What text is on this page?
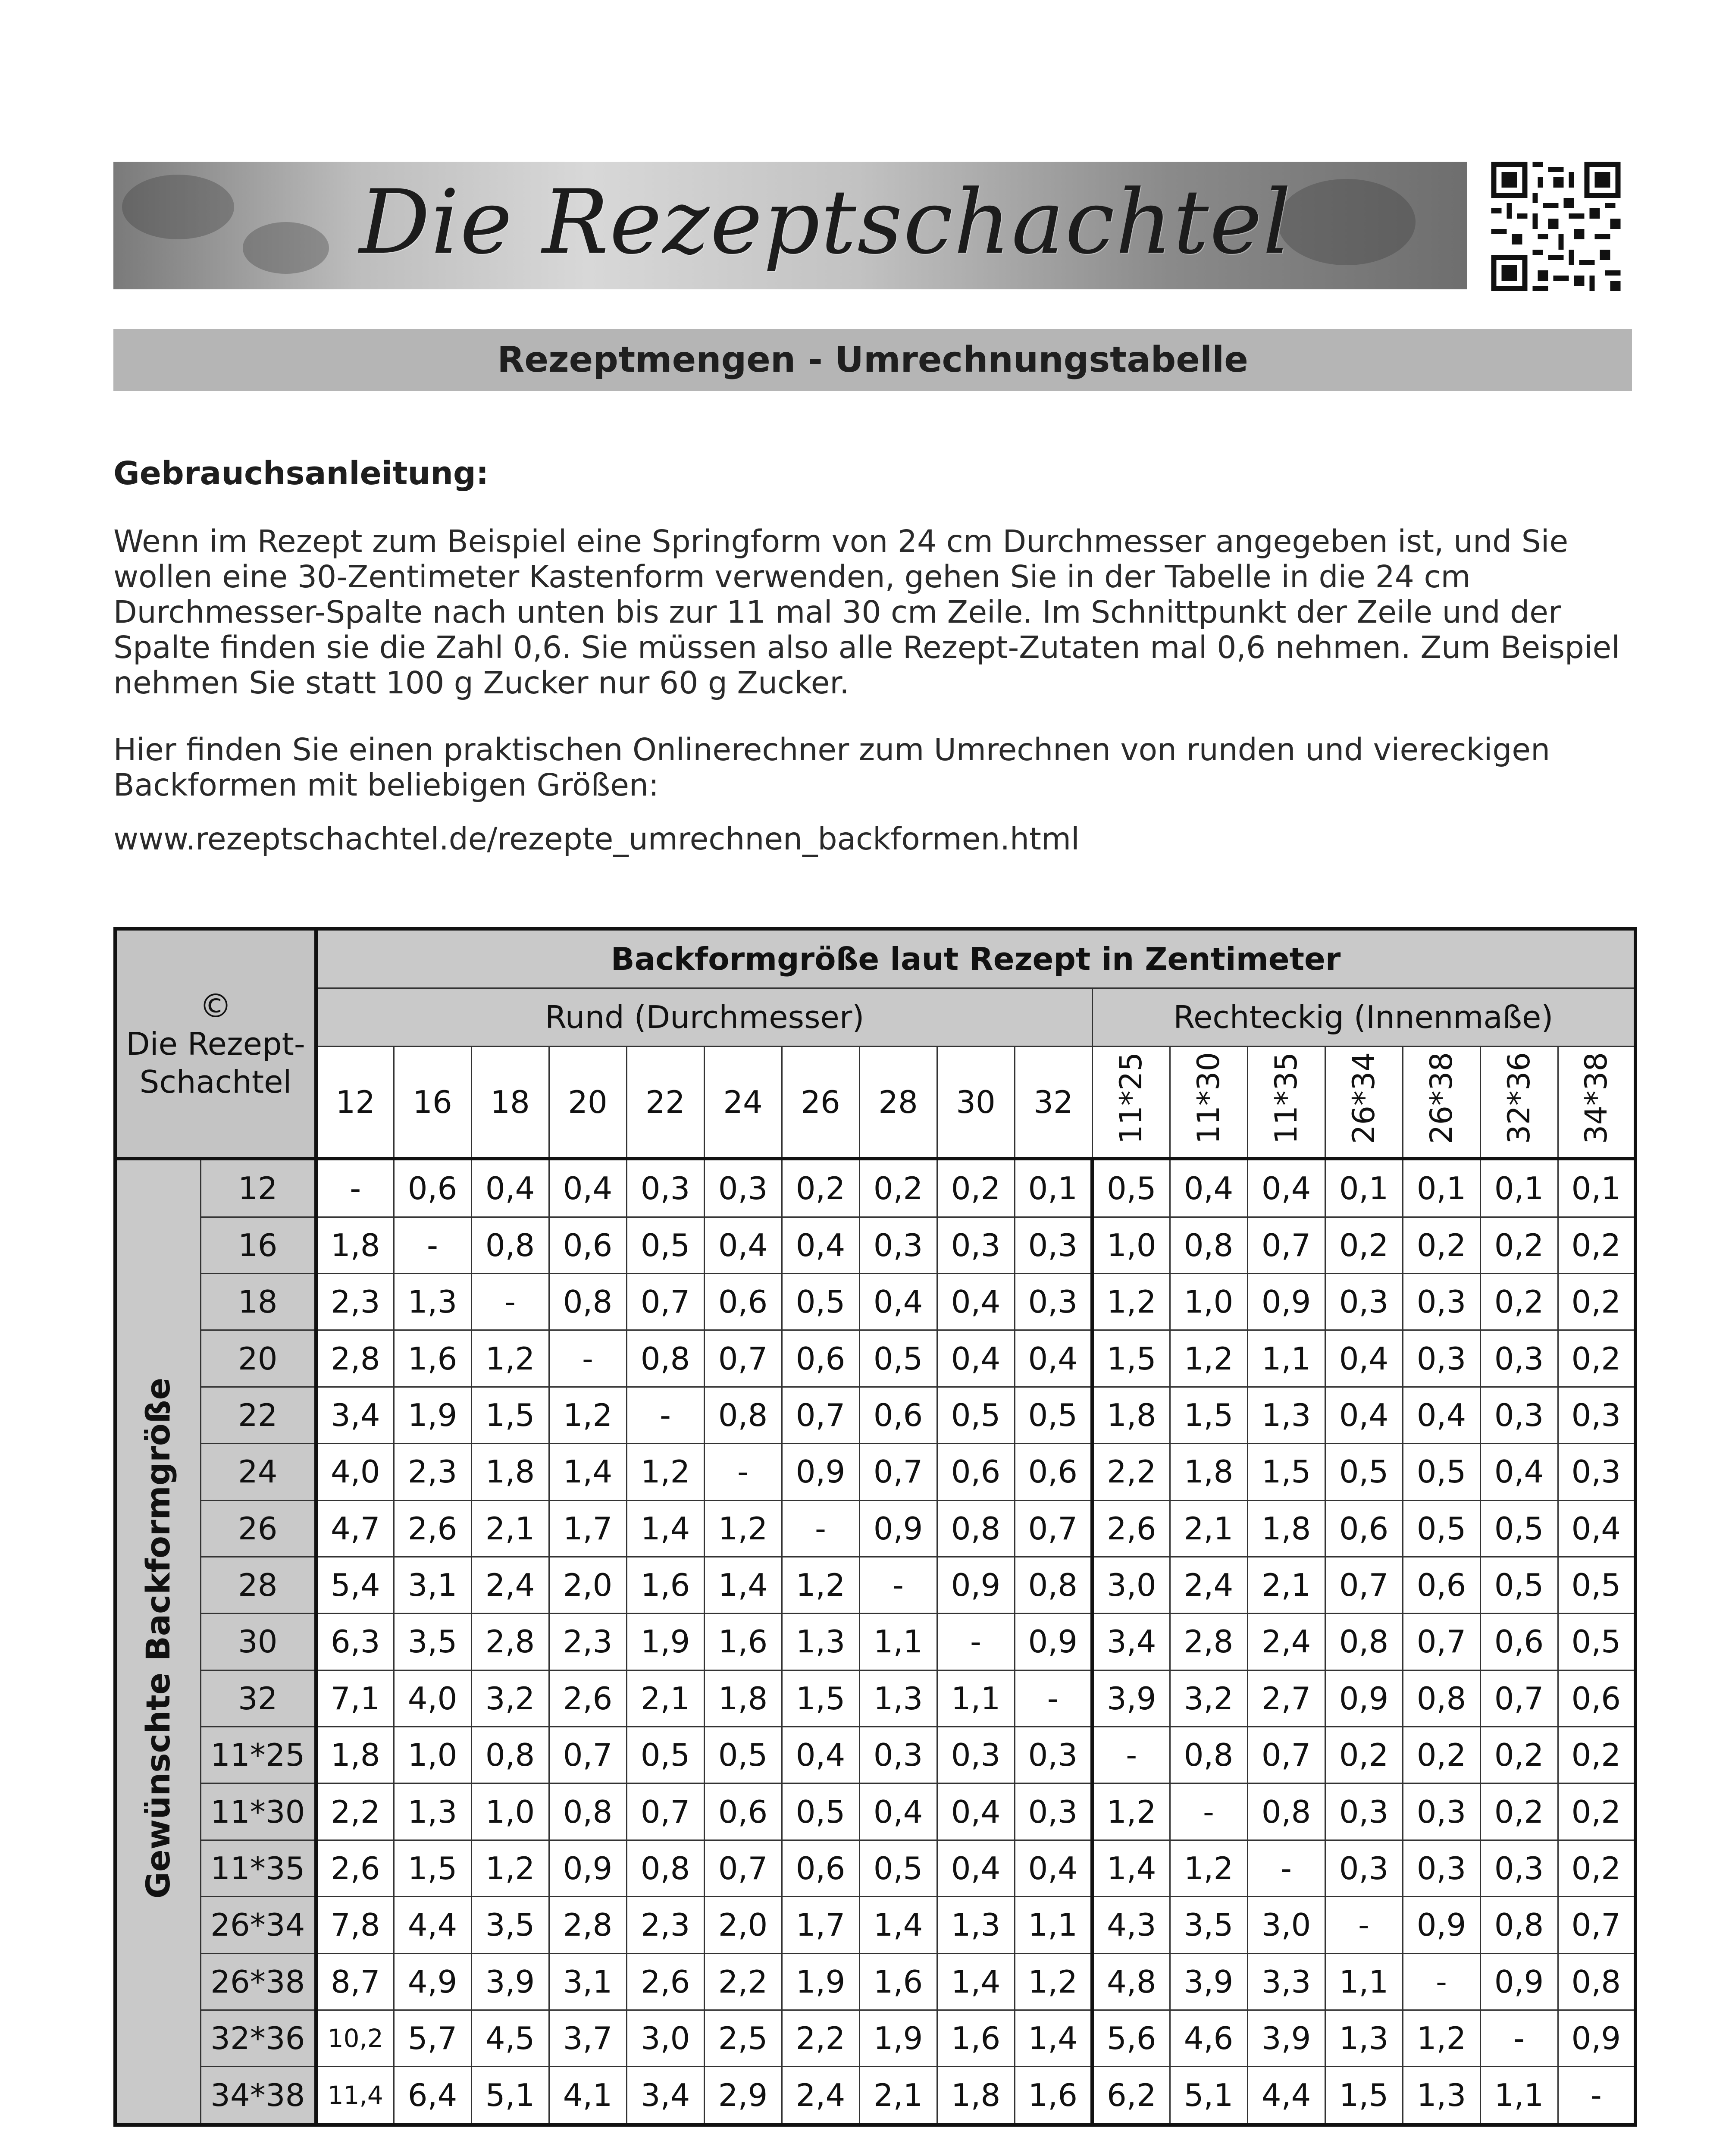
Die Rezeptschachtel
Rezeptmengen - Umrechnungstabelle
Gebrauchsanleitung:

Wenn im Rezept zum Beispiel eine Springform von 24 cm Durchmesser angegeben ist, und Sie wollen eine 30-Zentimeter Kastenform verwenden, gehen Sie in der Tabelle in die 24 cm Durchmesser-Spalte nach unten bis zur 11 mal 30 cm Zeile. Im Schnittpunkt der Zeile und der Spalte finden sie die Zahl 0,6. Sie müssen also alle Rezept-Zutaten mal 0,6 nehmen. Zum Beispiel nehmen Sie statt 100 g Zucker nur 60 g Zucker.

Hier finden Sie einen praktischen Onlinerechner zum Umrechnen von runden und viereckigen Backformen mit beliebigen Größen:

www.rezeptschachtel.de/rezepte_umrechnen_backformen.html

©
Die Rezept-
Schachtel		Backformgröße laut Rezept in Zentimeter																
		Rund (Durchmesser)										Rechteckig (Innenmaße)						
		12	16	18	20	22	24	26	28	30	32	11*25	11*30	11*35	26*34	26*38	32*36	34*38
Gewünschte Backformgröße	12	-	0,6	0,4	0,4	0,3	0,3	0,2	0,2	0,2	0,1	0,5	0,4	0,4	0,1	0,1	0,1	0,1
	16	1,8	-	0,8	0,6	0,5	0,4	0,4	0,3	0,3	0,3	1,0	0,8	0,7	0,2	0,2	0,2	0,2
	18	2,3	1,3	-	0,8	0,7	0,6	0,5	0,4	0,4	0,3	1,2	1,0	0,9	0,3	0,3	0,2	0,2
	20	2,8	1,6	1,2	-	0,8	0,7	0,6	0,5	0,4	0,4	1,5	1,2	1,1	0,4	0,3	0,3	0,2
	22	3,4	1,9	1,5	1,2	-	0,8	0,7	0,6	0,5	0,5	1,8	1,5	1,3	0,4	0,4	0,3	0,3
	24	4,0	2,3	1,8	1,4	1,2	-	0,9	0,7	0,6	0,6	2,2	1,8	1,5	0,5	0,5	0,4	0,3
	26	4,7	2,6	2,1	1,7	1,4	1,2	-	0,9	0,8	0,7	2,6	2,1	1,8	0,6	0,5	0,5	0,4
	28	5,4	3,1	2,4	2,0	1,6	1,4	1,2	-	0,9	0,8	3,0	2,4	2,1	0,7	0,6	0,5	0,5
	30	6,3	3,5	2,8	2,3	1,9	1,6	1,3	1,1	-	0,9	3,4	2,8	2,4	0,8	0,7	0,6	0,5
	32	7,1	4,0	3,2	2,6	2,1	1,8	1,5	1,3	1,1	-	3,9	3,2	2,7	0,9	0,8	0,7	0,6
	11*25	1,8	1,0	0,8	0,7	0,5	0,5	0,4	0,3	0,3	0,3	-	0,8	0,7	0,2	0,2	0,2	0,2
	11*30	2,2	1,3	1,0	0,8	0,7	0,6	0,5	0,4	0,4	0,3	1,2	-	0,8	0,3	0,3	0,2	0,2
	11*35	2,6	1,5	1,2	0,9	0,8	0,7	0,6	0,5	0,4	0,4	1,4	1,2	-	0,3	0,3	0,3	0,2
	26*34	7,8	4,4	3,5	2,8	2,3	2,0	1,7	1,4	1,3	1,1	4,3	3,5	3,0	-	0,9	0,8	0,7
	26*38	8,7	4,9	3,9	3,1	2,6	2,2	1,9	1,6	1,4	1,2	4,8	3,9	3,3	1,1	-	0,9	0,8
	32*36	10,2	5,7	4,5	3,7	3,0	2,5	2,2	1,9	1,6	1,4	5,6	4,6	3,9	1,3	1,2	-	0,9
	34*38	11,4	6,4	5,1	4,1	3,4	2,9	2,4	2,1	1,8	1,6	6,2	5,1	4,4	1,5	1,3	1,1	-
